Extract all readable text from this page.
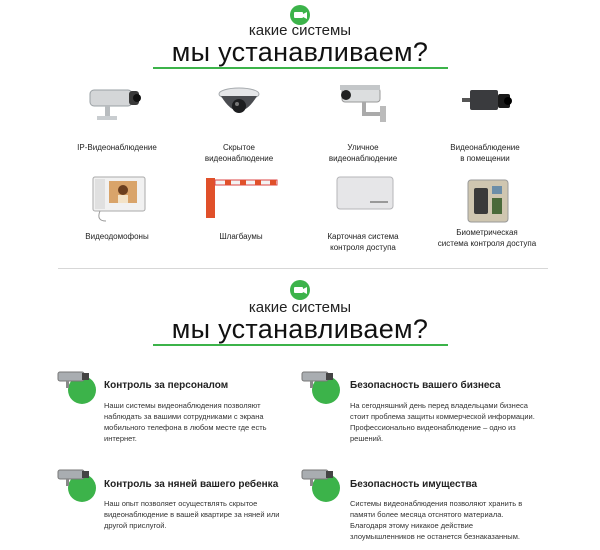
какие системы
мы устанавливаем?
IP-Видеонаблюдение	Скрытое
видеонаблюдение
Уличное
видеонаблюдение
Видеонаблюдение
в помещении
Видеодомофоны	Шлагбаумы	Карточная система
контроля доступа
Биометрическая
система контроля доступа
какие системы
мы устанавливаем?
Контроль за персоналом
Наши системы видеонаблюдения позволяют
наблюдать за вашими сотрудниками с экрана
мобильного телефона в любом месте где есть
интернет.
Безопасность вашего бизнеса
На сегодняшний день перед владельцами бизнеса
стоит проблема защиты коммерческой информации.
Профессионально видеонаблюдение – одно из
решений.
Контроль за няней вашего ребенка
Наш опыт позволяет осуществлять скрытое
видеонаблюдение в вашей квартире за няней или
другой прислугой.
Безопасность имущества
Системы видеонаблюдения позволяют хранить в
памяти более месяца отснятого материала.
Благодаря этому никакое действие
злоумышленников не останется безнаказанным.
